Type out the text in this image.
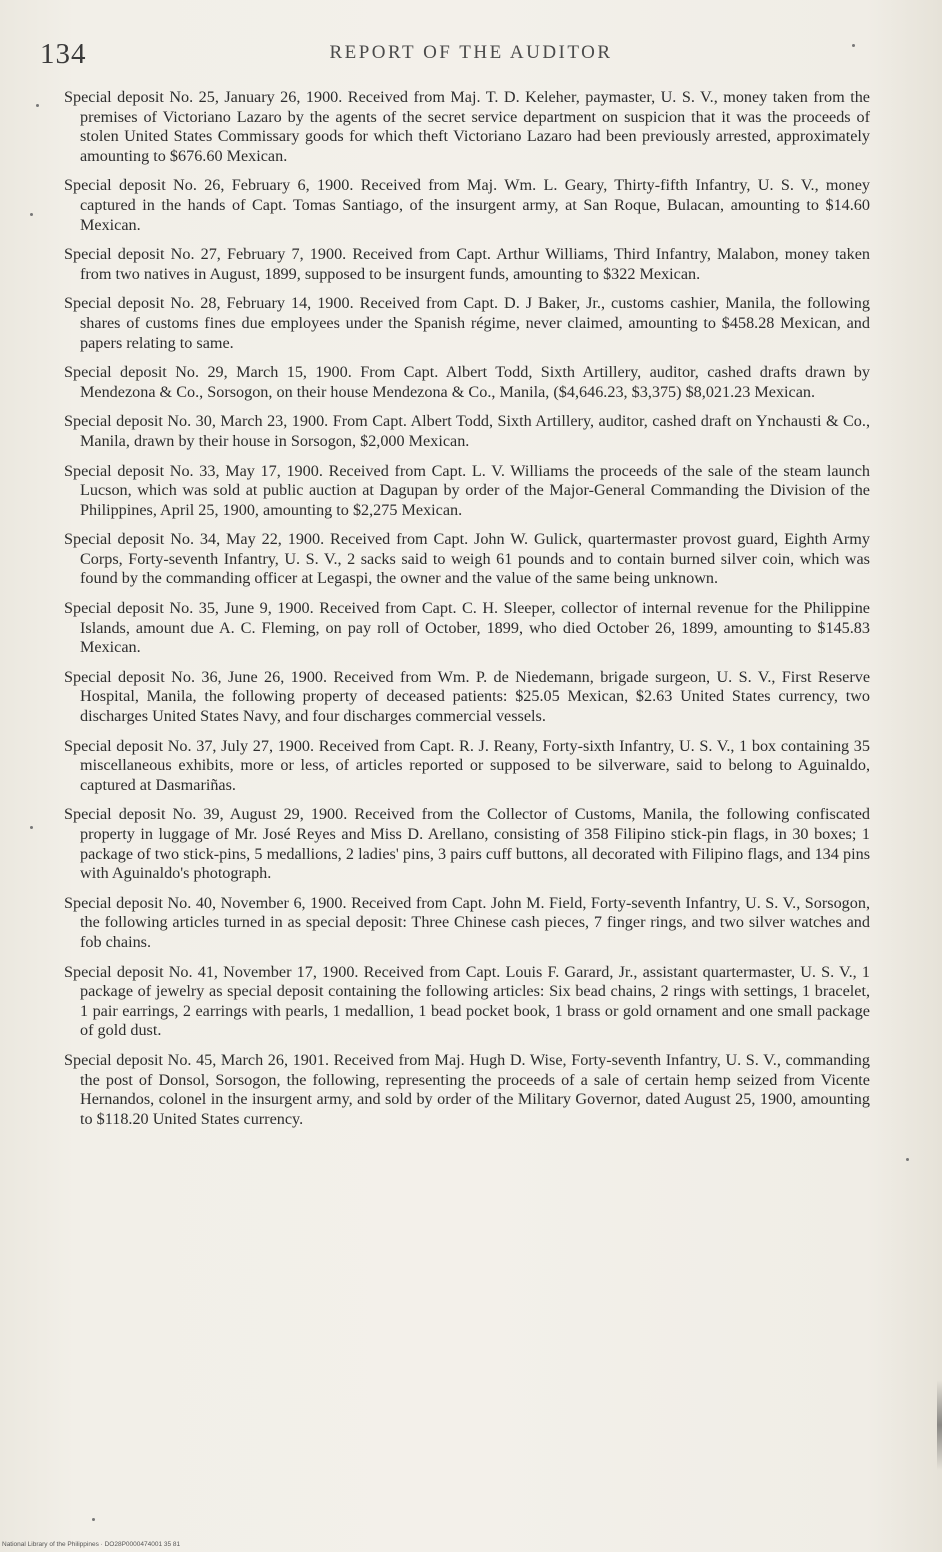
134	REPORT OF THE AUDITOR

Special deposit No. 25, January 26, 1900. Received from Maj. T. D. Keleher, paymaster, U. S. V., money taken from the premises of Victoriano Lazaro by the agents of the secret service department on suspicion that it was the proceeds of stolen United States Commissary goods for which theft Victoriano Lazaro had been previously arrested, approximately amounting to $676.60 Mexican.

Special deposit No. 26, February 6, 1900. Received from Maj. Wm. L. Geary, Thirty-fifth Infantry, U. S. V., money captured in the hands of Capt. Tomas Santiago, of the insurgent army, at San Roque, Bulacan, amounting to $14.60 Mexican.

Special deposit No. 27, February 7, 1900. Received from Capt. Arthur Williams, Third Infantry, Malabon, money taken from two natives in August, 1899, supposed to be insurgent funds, amounting to $322 Mexican.

Special deposit No. 28, February 14, 1900. Received from Capt. D. J Baker, Jr., customs cashier, Manila, the following shares of customs fines due employees under the Spanish régime, never claimed, amounting to $458.28 Mexican, and papers relating to same.

Special deposit No. 29, March 15, 1900. From Capt. Albert Todd, Sixth Artillery, auditor, cashed drafts drawn by Mendezona & Co., Sorsogon, on their house Mendezona & Co., Manila, ($4,646.23, $3,375) $8,021.23 Mexican.

Special deposit No. 30, March 23, 1900. From Capt. Albert Todd, Sixth Artillery, auditor, cashed draft on Ynchausti & Co., Manila, drawn by their house in Sorsogon, $2,000 Mexican.

Special deposit No. 33, May 17, 1900. Received from Capt. L. V. Williams the proceeds of the sale of the steam launch Lucson, which was sold at public auction at Dagupan by order of the Major-General Commanding the Division of the Philippines, April 25, 1900, amounting to $2,275 Mexican.

Special deposit No. 34, May 22, 1900. Received from Capt. John W. Gulick, quartermaster provost guard, Eighth Army Corps, Forty-seventh Infantry, U. S. V., 2 sacks said to weigh 61 pounds and to contain burned silver coin, which was found by the commanding officer at Legaspi, the owner and the value of the same being unknown.

Special deposit No. 35, June 9, 1900. Received from Capt. C. H. Sleeper, collector of internal revenue for the Philippine Islands, amount due A. C. Fleming, on pay roll of October, 1899, who died October 26, 1899, amounting to $145.83 Mexican.

Special deposit No. 36, June 26, 1900. Received from Wm. P. de Niedemann, brigade surgeon, U. S. V., First Reserve Hospital, Manila, the following property of deceased patients: $25.05 Mexican, $2.63 United States currency, two discharges United States Navy, and four discharges commercial vessels.

Special deposit No. 37, July 27, 1900. Received from Capt. R. J. Reany, Forty-sixth Infantry, U. S. V., 1 box containing 35 miscellaneous exhibits, more or less, of articles reported or supposed to be silverware, said to belong to Aguinaldo, captured at Dasmariñas.

Special deposit No. 39, August 29, 1900. Received from the Collector of Customs, Manila, the following confiscated property in luggage of Mr. José Reyes and Miss D. Arellano, consisting of 358 Filipino stick-pin flags, in 30 boxes; 1 package of two stick-pins, 5 medallions, 2 ladies' pins, 3 pairs cuff buttons, all decorated with Filipino flags, and 134 pins with Aguinaldo's photograph.

Special deposit No. 40, November 6, 1900. Received from Capt. John M. Field, Forty-seventh Infantry, U. S. V., Sorsogon, the following articles turned in as special deposit: Three Chinese cash pieces, 7 finger rings, and two silver watches and fob chains.

Special deposit No. 41, November 17, 1900. Received from Capt. Louis F. Garard, Jr., assistant quartermaster, U. S. V., 1 package of jewelry as special deposit containing the following articles: Six bead chains, 2 rings with settings, 1 bracelet, 1 pair earrings, 2 earrings with pearls, 1 medallion, 1 bead pocket book, 1 brass or gold ornament and one small package of gold dust.

Special deposit No. 45, March 26, 1901. Received from Maj. Hugh D. Wise, Forty-seventh Infantry, U. S. V., commanding the post of Donsol, Sorsogon, the following, representing the proceeds of a sale of certain hemp seized from Vicente Hernandos, colonel in the insurgent army, and sold by order of the Military Governor, dated August 25, 1900, amounting to $118.20 United States currency.

National Library of the Philippines · DO28P0000474001 35 81
